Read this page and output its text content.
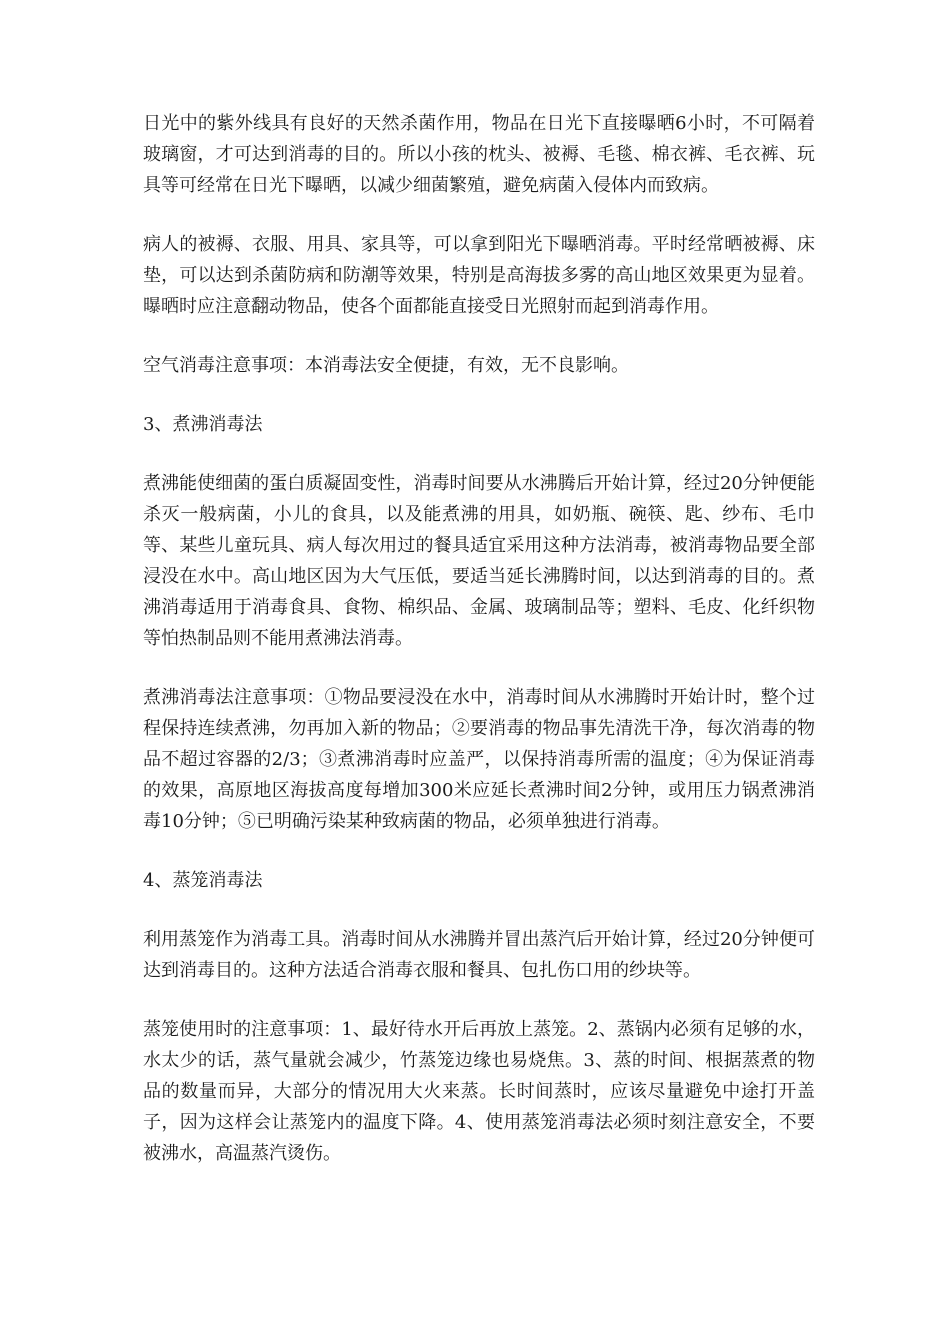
日光中的紫外线具有良好的天然杀菌作用，物品在日光下直接曝晒6小时，不可隔着玻璃窗，才可达到消毒的目的。所以小孩的枕头、被褥、毛毯、棉衣裤、毛衣裤、玩具等可经常在日光下曝晒，以减少细菌繁殖，避免病菌入侵体内而致病。

病人的被褥、衣服、用具、家具等，可以拿到阳光下曝晒消毒。平时经常晒被褥、床垫，可以达到杀菌防病和防潮等效果，特别是高海拔多雾的高山地区效果更为显着。曝晒时应注意翻动物品，使各个面都能直接受日光照射而起到消毒作用。

空气消毒注意事项：本消毒法安全便捷，有效，无不良影响。

3、煮沸消毒法

煮沸能使细菌的蛋白质凝固变性，消毒时间要从水沸腾后开始计算，经过20分钟便能杀灭一般病菌，小儿的食具，以及能煮沸的用具，如奶瓶、碗筷、匙、纱布、毛巾等、某些儿童玩具、病人每次用过的餐具适宜采用这种方法消毒，被消毒物品要全部浸没在水中。高山地区因为大气压低，要适当延长沸腾时间，以达到消毒的目的。煮沸消毒适用于消毒食具、食物、棉织品、金属、玻璃制品等；塑料、毛皮、化纤织物等怕热制品则不能用煮沸法消毒。

煮沸消毒法注意事项：①物品要浸没在水中，消毒时间从水沸腾时开始计时，整个过程保持连续煮沸，勿再加入新的物品；②要消毒的物品事先清洗干净，每次消毒的物品不超过容器的2/3；③煮沸消毒时应盖严，以保持消毒所需的温度；④为保证消毒的效果，高原地区海拔高度每增加300米应延长煮沸时间2分钟，或用压力锅煮沸消毒10分钟；⑤已明确污染某种致病菌的物品，必须单独进行消毒。

4、蒸笼消毒法

利用蒸笼作为消毒工具。消毒时间从水沸腾并冒出蒸汽后开始计算，经过20分钟便可达到消毒目的。这种方法适合消毒衣服和餐具、包扎伤口用的纱块等。

蒸笼使用时的注意事项：1、最好待水开后再放上蒸笼。2、蒸锅内必须有足够的水，水太少的话，蒸气量就会减少，竹蒸笼边缘也易烧焦。3、蒸的时间、根据蒸煮的物品的数量而异，大部分的情况用大火来蒸。长时间蒸时，应该尽量避免中途打开盖子，因为这样会让蒸笼内的温度下降。4、使用蒸笼消毒法必须时刻注意安全，不要被沸水，高温蒸汽烫伤。
